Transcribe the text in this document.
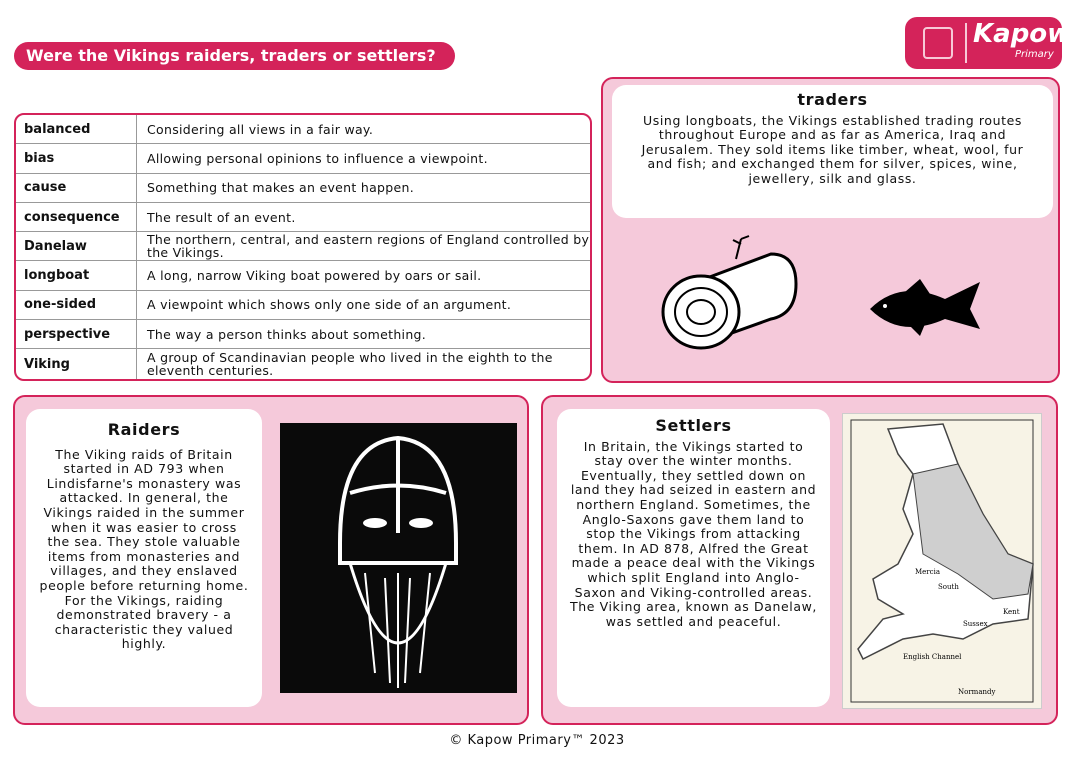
Were the Vikings raiders, traders or settlers?
Kapow
Primary
balanced	Considering all views in a fair way.
bias	Allowing personal opinions to influence a viewpoint.
cause	Something that makes an event happen.
consequence	The result of an event.
Danelaw	The northern, central, and eastern regions of England controlled by the Vikings.
longboat	A long, narrow Viking boat powered by oars or sail.
one-sided	A viewpoint which shows only one side of an argument.
perspective	The way a person thinks about something.
Viking	A group of Scandinavian people who lived in the eighth to the eleventh centuries.
traders

Using longboats, the Vikings established trading routes throughout Europe and as far as America, Iraq and Jerusalem. They sold items like timber, wheat, wool, fur and fish; and exchanged them for silver, spices, wine, jewellery, silk and glass.

Raiders

The Viking raids of Britain started in AD 793 when Lindisfarne's monastery was attacked. In general, the Vikings raided in the summer when it was easier to cross the sea. They stole valuable items from monasteries and villages, and they enslaved people before returning home. For the Vikings, raiding demonstrated bravery - a characteristic they valued highly.

Settlers

In Britain, the Vikings started to stay over the winter months. Eventually, they settled down on land they had seized in eastern and northern England. Sometimes, the Anglo-Saxons gave them land to stop the Vikings from attacking them. In AD 878, Alfred the Great made a peace deal with the Vikings which split England into Anglo-Saxon and Viking-controlled areas. The Viking area, known as Danelaw, was settled and peaceful.

Mercia
South
Sussex
Kent
English Channel
Normandy
© Kapow Primary™ 2023
